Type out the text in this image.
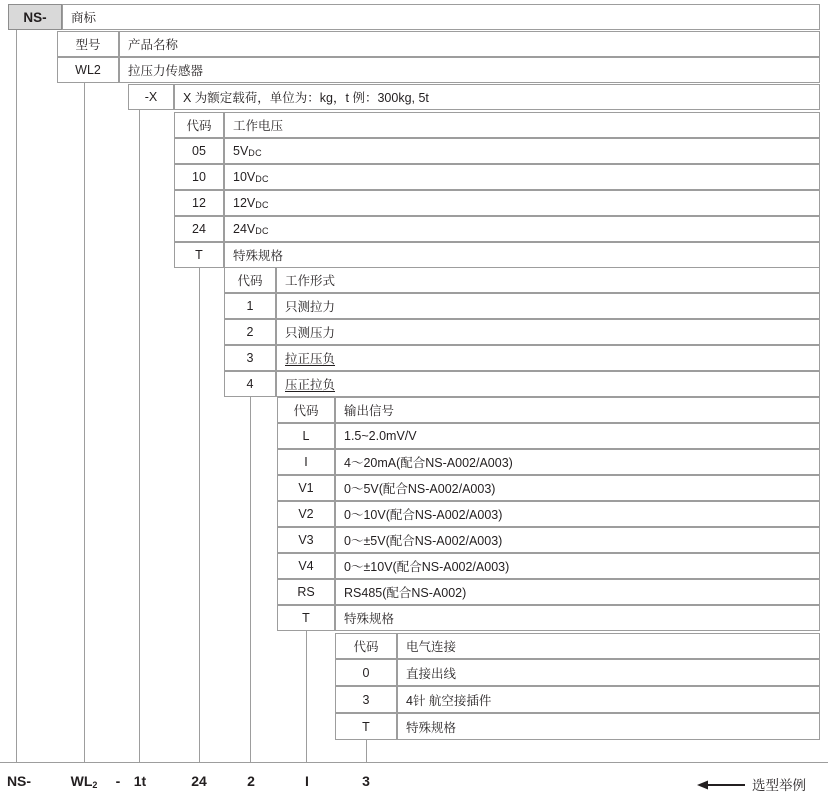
NS- 商标
型号 产品名称
WL2 拉压力传感器
-X X 为额定载荷，单位为：kg，t 例：300kg, 5t
代码 工作电压
05 5V DC
10 10V DC
12 12V DC
24 24V DC
T 特殊规格
代码 工作形式
1	只测拉力
2	只测压力
3	拉正压负
4	压正拉负
代码 输出信号
L	1.5~2.0mV/V
I	4～20mA(配合NS-A002/A003)
V1 0～5V(配合NS-A002/A003)
V2 0～10V(配合NS-A002/A003)
V3 0～±5V(配合NS-A002/A003)
V4 0～±10V(配合NS-A002/A003)
RS RS485(配合NS-A002)
T	特殊规格
代码 电气连接
0	直接出线
3	4针 航空接插件
T	特殊规格
NS-	WL2	- 1t	24	2	I	3	选型举例
